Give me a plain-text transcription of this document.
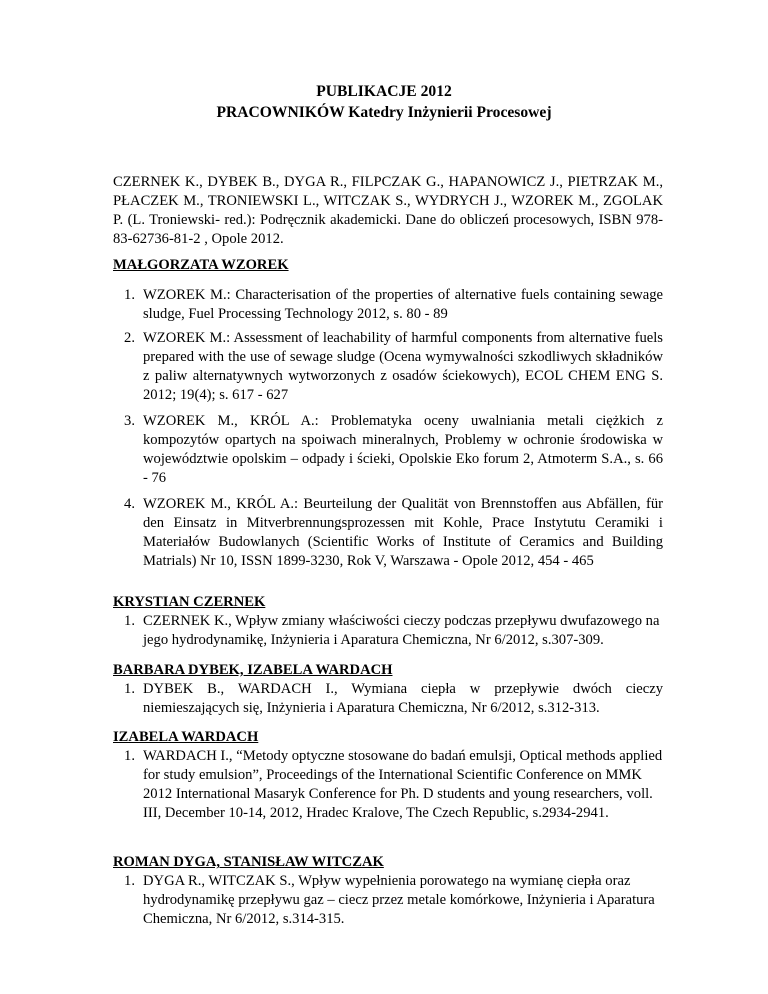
PUBLIKACJE 2012
PRACOWNIKÓW Katedry Inżynierii Procesowej
CZERNEK K., DYBEK B., DYGA R., FILPCZAK G., HAPANOWICZ J., PIETRZAK M., PŁACZEK M., TRONIEWSKI L., WITCZAK S., WYDRYCH J., WZOREK M., ZGOLAK P. (L. Troniewski- red.): Podręcznik akademicki. Dane do obliczeń procesowych, ISBN 978-83-62736-81-2 , Opole 2012.
MAŁGORZATA WZOREK
1. WZOREK M.: Characterisation of the properties of alternative fuels containing sewage sludge, Fuel Processing Technology 2012, s. 80 - 89
2. WZOREK M.: Assessment of leachability of harmful components from alternative fuels prepared with the use of sewage sludge (Ocena wymywalności szkodliwych składników z paliw alternatywnych wytworzonych z osadów ściekowych), ECOL CHEM ENG S. 2012; 19(4); s. 617 - 627
3. WZOREK M., KRÓL A.: Problematyka oceny uwalniania metali ciężkich z kompozytów opartych na spoiwach mineralnych, Problemy w ochronie środowiska w województwie opolskim – odpady i ścieki, Opolskie Eko forum 2, Atmoterm S.A., s. 66 - 76
4. WZOREK M., KRÓL A.: Beurteilung der Qualität von Brennstoffen aus Abfällen, für den Einsatz in Mitverbrennungsprozessen mit Kohle, Prace Instytutu Ceramiki i Materiałów Budowlanych (Scientific Works of Institute of Ceramics and Building Matrials) Nr 10, ISSN 1899-3230, Rok V, Warszawa - Opole 2012, 454 - 465
KRYSTIAN CZERNEK
1. CZERNEK K., Wpływ zmiany właściwości cieczy podczas przepływu dwufazowego na jego hydrodynamikę, Inżynieria i Aparatura Chemiczna, Nr 6/2012, s.307-309.
BARBARA DYBEK, IZABELA WARDACH
1. DYBEK B., WARDACH I., Wymiana ciepła w przepływie dwóch cieczy niemieszających się, Inżynieria i Aparatura Chemiczna, Nr 6/2012, s.312-313.
IZABELA WARDACH
1. WARDACH I., “Metody optyczne stosowane do badań emulsji, Optical methods applied for study emulsion”, Proceedings of the International Scientific Conference on MMK 2012 International Masaryk Conference for Ph. D students and young researchers, voll. III, December 10-14, 2012, Hradec Kralove, The Czech Republic, s.2934-2941.
ROMAN DYGA, STANISŁAW WITCZAK
1. DYGA R., WITCZAK S., Wpływ wypełnienia porowatego na wymianę ciepła oraz hydrodynamikę przepływu gaz – ciecz przez metale komórkowe, Inżynieria i Aparatura Chemiczna, Nr 6/2012, s.314-315.
